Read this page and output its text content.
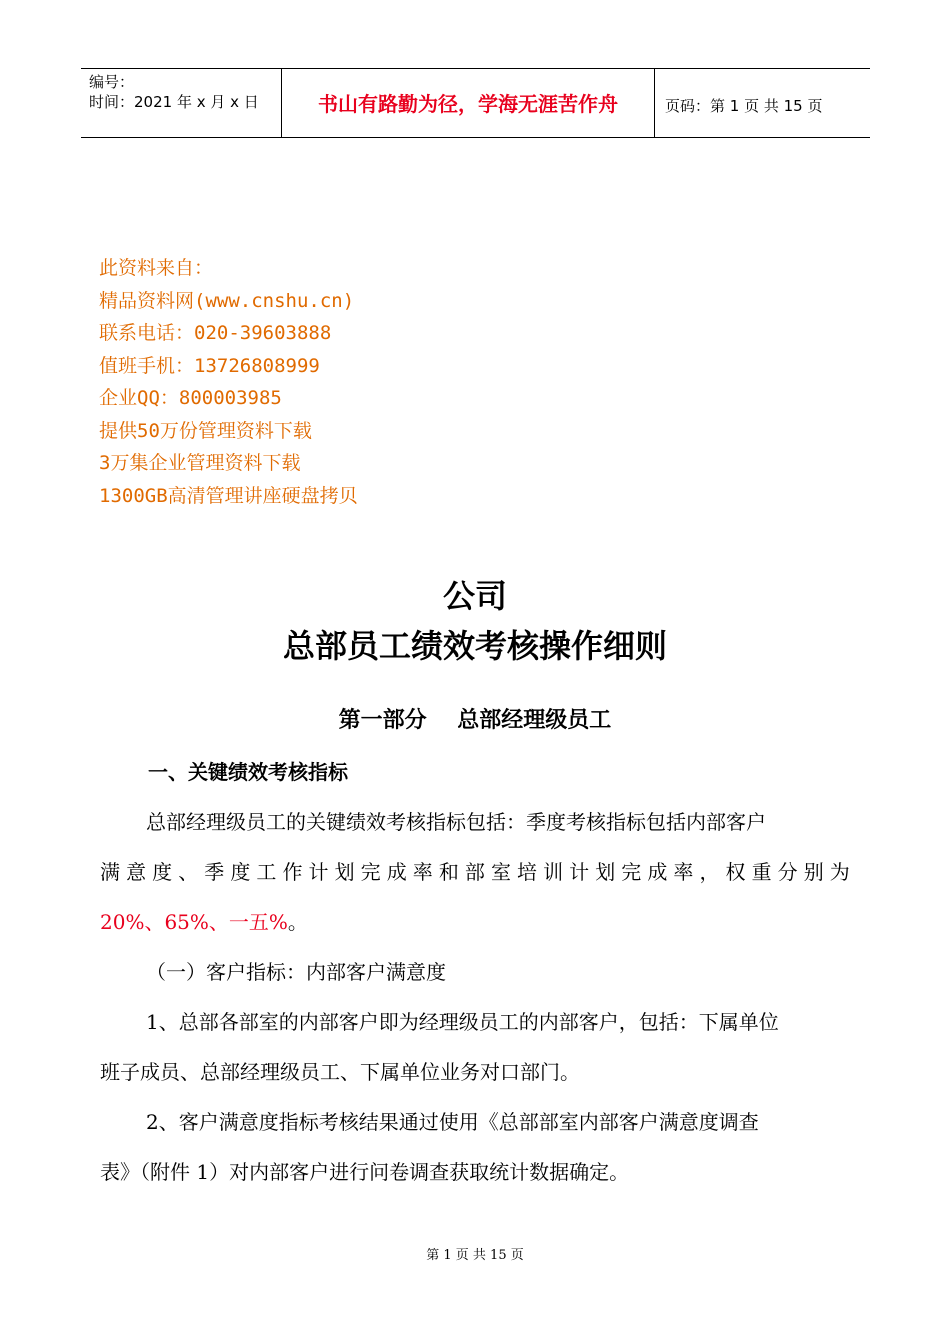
编号：
时间：2021 年 x 月 x 日	书山有路勤为径，学海无涯苦作舟	页码：第 1 页 共 15 页
此资料来自：
精品资料网(www.cnshu.cn)
联系电话：020-39603888
值班手机：13726808999
企业QQ：800003985
提供50万份管理资料下载
3万集企业管理资料下载
1300GB高清管理讲座硬盘拷贝
公司
总部员工绩效考核操作细则
第一部分    总部经理级员工
一、关键绩效考核指标
总部经理级员工的关键绩效考核指标包括：季度考核指标包括内部客户
满 意 度 、 季 度 工 作 计 划 完 成 率 和 部 室 培 训 计 划 完 成 率 ， 权 重 分 别 为
20%、65%、一五%。
（一）客户指标：内部客户满意度
1、总部各部室的内部客户即为经理级员工的内部客户，包括：下属单位
班子成员、总部经理级员工、下属单位业务对口部门。
2、客户满意度指标考核结果通过使用《总部部室内部客户满意度调查
表》（附件 1）对内部客户进行问卷调查获取统计数据确定。
第 1 页 共 15 页
